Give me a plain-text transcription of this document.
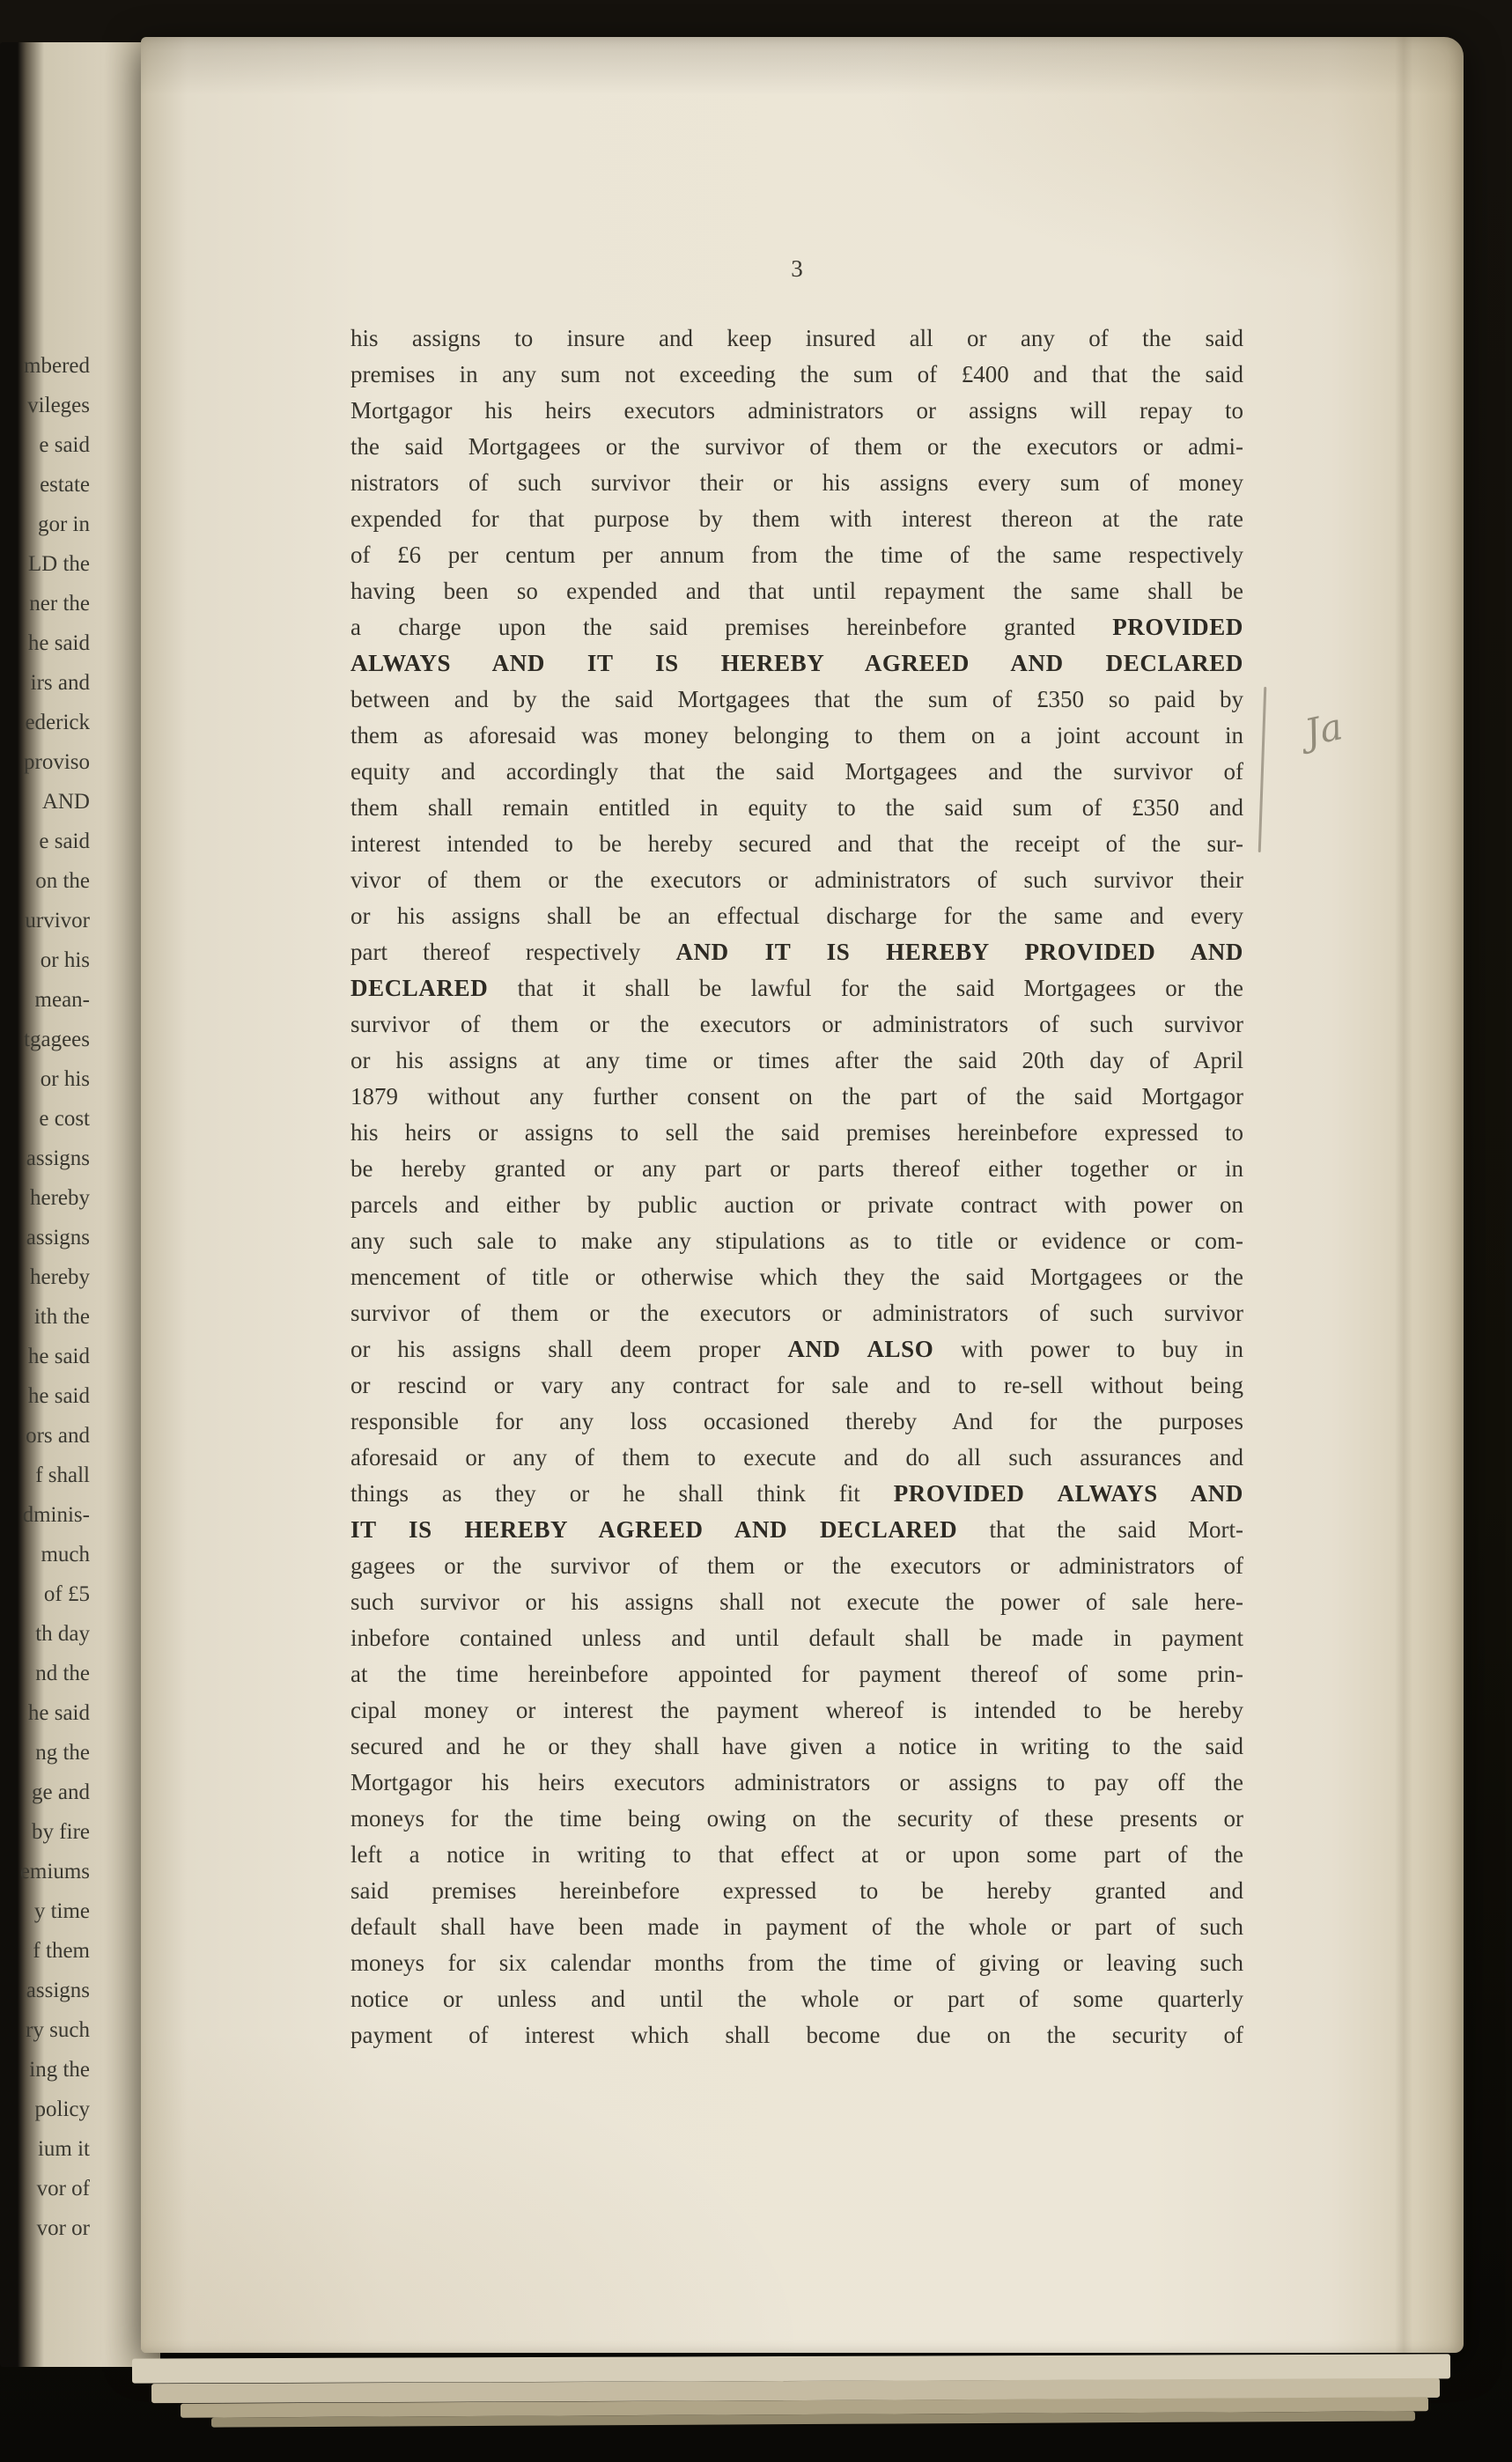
mbered
vileges
e said
estate
gor in
LD the
ner the
he said
irs and
ederick
proviso
AND
e said
on the
urvivor
or his
mean-
tgagees
or his
e cost
assigns
hereby
assigns
hereby
ith the
he said
he said
ors and
f shall
dminis-
much
of £5
th day
nd the
he said
ng the
ge and
by fire
emiums
y time
f them
assigns
ry such
ing the
policy
ium it
vor of
vor or
3
his assigns to insure and keep insured all or any of the said
premises in any sum not exceeding the sum of £400 and that the said
Mortgagor his heirs executors administrators or assigns will repay to
the said Mortgagees or the survivor of them or the executors or admi-
nistrators of such survivor their or his assigns every sum of money
expended for that purpose by them with interest thereon at the rate
of £6 per centum per annum from the time of the same respectively
having been so expended and that until repayment the same shall be
a charge upon the said premises hereinbefore granted PROVIDED
ALWAYS AND IT IS HEREBY AGREED AND DECLARED
between and by the said Mortgagees that the sum of £350 so paid by
them as aforesaid was money belonging to them on a joint account in
equity and accordingly that the said Mortgagees and the survivor of
them shall remain entitled in equity to the said sum of £350 and
interest intended to be hereby secured and that the receipt of the sur-
vivor of them or the executors or administrators of such survivor their
or his assigns shall be an effectual discharge for the same and every
part thereof respectively AND IT IS HEREBY PROVIDED AND
DECLARED that it shall be lawful for the said Mortgagees or the
survivor of them or the executors or administrators of such survivor
or his assigns at any time or times after the said 20th day of April
1879 without any further consent on the part of the said Mortgagor
his heirs or assigns to sell the said premises hereinbefore expressed to
be hereby granted or any part or parts thereof either together or in
parcels and either by public auction or private contract with power on
any such sale to make any stipulations as to title or evidence or com-
mencement of title or otherwise which they the said Mortgagees or the
survivor of them or the executors or administrators of such survivor
or his assigns shall deem proper AND ALSO with power to buy in
or rescind or vary any contract for sale and to re-sell without being
responsible for any loss occasioned thereby And for the purposes
aforesaid or any of them to execute and do all such assurances and
things as they or he shall think fit PROVIDED ALWAYS AND
IT IS HEREBY AGREED AND DECLARED that the said Mort-
gagees or the survivor of them or the executors or administrators of
such survivor or his assigns shall not execute the power of sale here-
inbefore contained unless and until default shall be made in payment
at the time hereinbefore appointed for payment thereof of some prin-
cipal money or interest the payment whereof is intended to be hereby
secured and he or they shall have given a notice in writing to the said
Mortgagor his heirs executors administrators or assigns to pay off the
moneys for the time being owing on the security of these presents or
left a notice in writing to that effect at or upon some part of the
said premises hereinbefore expressed to be hereby granted and
default shall have been made in payment of the whole or part of such
moneys for six calendar months from the time of giving or leaving such
notice or unless and until the whole or part of some quarterly
payment of interest which shall become due on the security of
Ja
